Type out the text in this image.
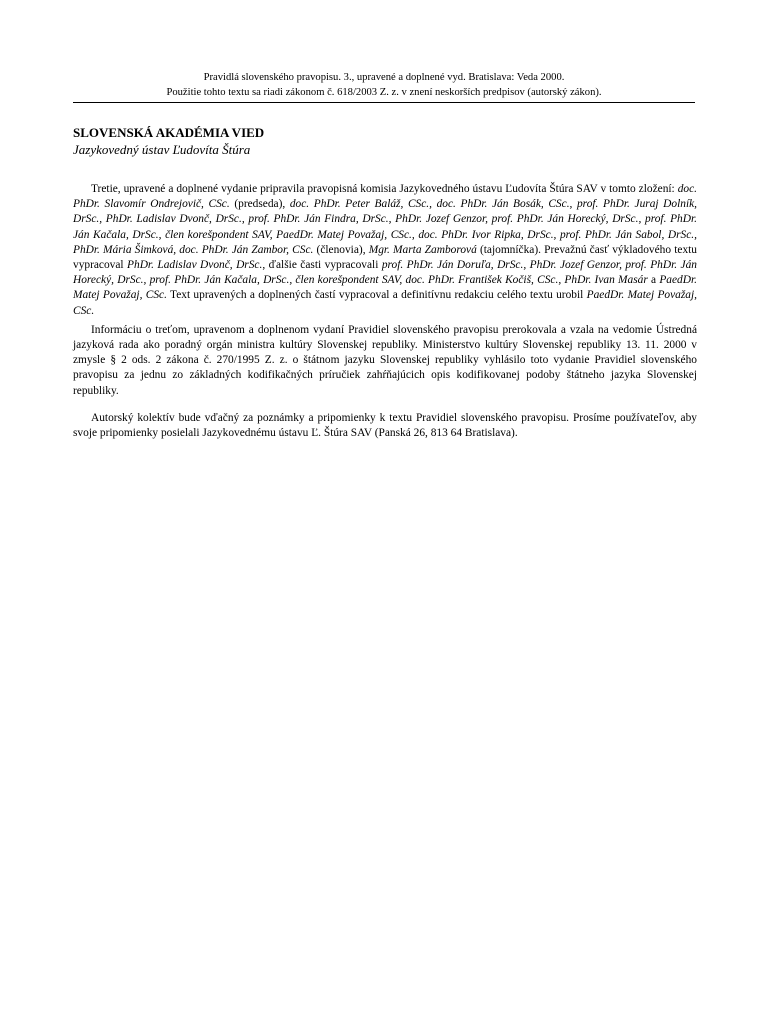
Pravidlá slovenského pravopisu. 3., upravené a doplnené vyd. Bratislava: Veda 2000.
Použitie tohto textu sa riadi zákonom č. 618/2003 Z. z. v znení neskorších predpisov (autorský zákon).
SLOVENSKÁ AKADÉMIA VIED
Jazykovedný ústav Ľudovíta Štúra

Tretie, upravené a doplnené vydanie pripravila pravopisná komisia Jazykovedného ústavu Ľudovíta Štúra SAV v tomto zložení: doc. PhDr. Slavomír Ondrejovič, CSc. (predseda), doc. PhDr. Peter Baláž, CSc., doc. PhDr. Ján Bosák, CSc., prof. PhDr. Juraj Dolník, DrSc., PhDr. Ladislav Dvonč, DrSc., prof. PhDr. Ján Findra, DrSc., PhDr. Jozef Genzor, prof. PhDr. Ján Horecký, DrSc., prof. PhDr. Ján Kačala, DrSc., člen korešpondent SAV, PaedDr. Matej Považaj, CSc., doc. PhDr. Ivor Ripka, DrSc., prof. PhDr. Ján Sabol, DrSc., PhDr. Mária Šimková, doc. PhDr. Ján Zambor, CSc. (členovia), Mgr. Marta Zamborová (tajomníčka). Prevažnú časť výkladového textu vypracoval PhDr. Ladislav Dvonč, DrSc., ďalšie časti vypracovali prof. PhDr. Ján Doruľa, DrSc., PhDr. Jozef Genzor, prof. PhDr. Ján Horecký, DrSc., prof. PhDr. Ján Kačala, DrSc., člen korešpondent SAV, doc. PhDr. František Kočiš, CSc., PhDr. Ivan Masár a PaedDr. Matej Považaj, CSc. Text upravených a doplnených častí vypracoval a definitívnu redakciu celého textu urobil PaedDr. Matej Považaj, CSc.

Informáciu o treťom, upravenom a doplnenom vydaní Pravidiel slovenského pravopisu prerokovala a vzala na vedomie Ústredná jazyková rada ako poradný orgán ministra kultúry Slovenskej republiky. Ministerstvo kultúry Slovenskej republiky 13. 11. 2000 v zmysle § 2 ods. 2 zákona č. 270/1995 Z. z. o štátnom jazyku Slovenskej republiky vyhlásilo toto vydanie Pravidiel slovenského pravopisu za jednu zo základných kodifikačných príručiek zahŕňajúcich opis kodifikovanej podoby štátneho jazyka Slovenskej republiky.

Autorský kolektív bude vďačný za poznámky a pripomienky k textu Pravidiel slovenského pravopisu. Prosíme používateľov, aby svoje pripomienky posielali Jazykovednému ústavu Ľ. Štúra SAV (Panská 26, 813 64 Bratislava).
